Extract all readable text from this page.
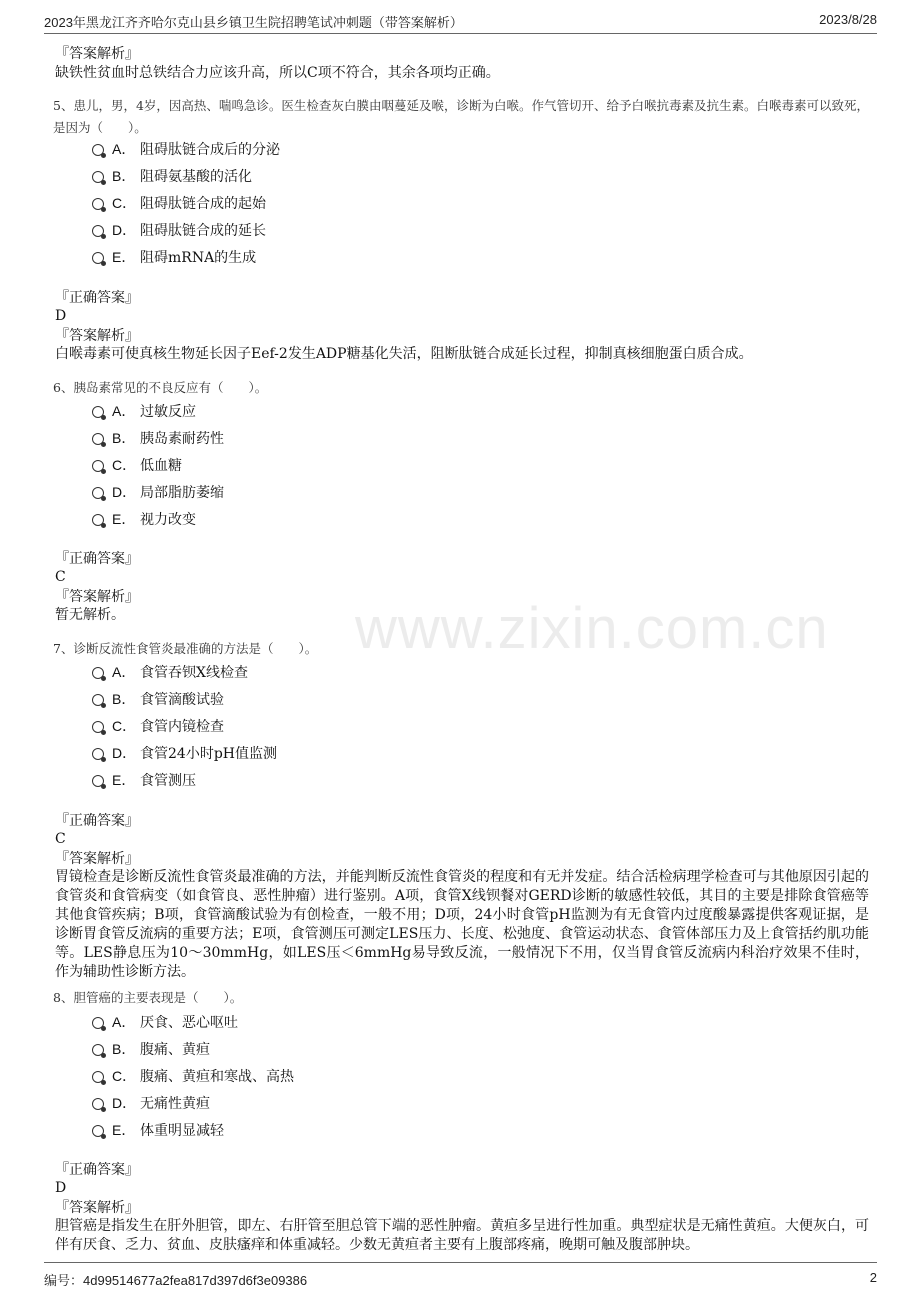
2023年黑龙江齐齐哈尔克山县乡镇卫生院招聘笔试冲刺题（带答案解析）	2023/8/28
www.zixin.com.cn
『答案解析』
缺铁性贫血时总铁结合力应该升高，所以C项不符合，其余各项均正确。
5、患儿，男，4岁，因高热、喘鸣急诊。医生检查灰白膜由咽蔓延及喉，诊断为白喉。作气管切开、给予白喉抗毒素及抗生素。白喉毒素可以致死，是因为（　　）。
A． 阻碍肽链合成后的分泌
B． 阻碍氨基酸的活化
C． 阻碍肽链合成的起始
D． 阻碍肽链合成的延长
E． 阻碍mRNA的生成
『正确答案』
D
『答案解析』
白喉毒素可使真核生物延长因子Eef-2发生ADP糖基化失活，阻断肽链合成延长过程，抑制真核细胞蛋白质合成。
6、胰岛素常见的不良反应有（　　）。
A． 过敏反应
B． 胰岛素耐药性
C． 低血糖
D． 局部脂肪萎缩
E． 视力改变
『正确答案』
C
『答案解析』
暂无解析。
7、诊断反流性食管炎最准确的方法是（　　）。
A． 食管吞钡X线检查
B． 食管滴酸试验
C． 食管内镜检查
D． 食管24小时pH值监测
E． 食管测压
『正确答案』
C
『答案解析』
胃镜检查是诊断反流性食管炎最准确的方法，并能判断反流性食管炎的程度和有无并发症。结合活检病理学检查可与其他原因引起的食管炎和食管病变（如食管良、恶性肿瘤）进行鉴别。A项，食管X线钡餐对GERD诊断的敏感性较低，其目的主要是排除食管癌等其他食管疾病；B项，食管滴酸试验为有创检查，一般不用；D项，24小时食管pH监测为有无食管内过度酸暴露提供客观证据，是诊断胃食管反流病的重要方法；E项，食管测压可测定LES压力、长度、松弛度、食管运动状态、食管体部压力及上食管括约肌功能等。LES静息压为10～30mmHg，如LES压＜6mmHg易导致反流，一般情况下不用，仅当胃食管反流病内科治疗效果不佳时，作为辅助性诊断方法。
8、胆管癌的主要表现是（　　）。
A． 厌食、恶心呕吐
B． 腹痛、黄疸
C． 腹痛、黄疸和寒战、高热
D． 无痛性黄疸
E． 体重明显减轻
『正确答案』
D
『答案解析』
胆管癌是指发生在肝外胆管，即左、右肝管至胆总管下端的恶性肿瘤。黄疸多呈进行性加重。典型症状是无痛性黄疸。大便灰白，可伴有厌食、乏力、贫血、皮肤瘙痒和体重减轻。少数无黄疸者主要有上腹部疼痛，晚期可触及腹部肿块。
编号：4d99514677a2fea817d397d6f3e09386	2
